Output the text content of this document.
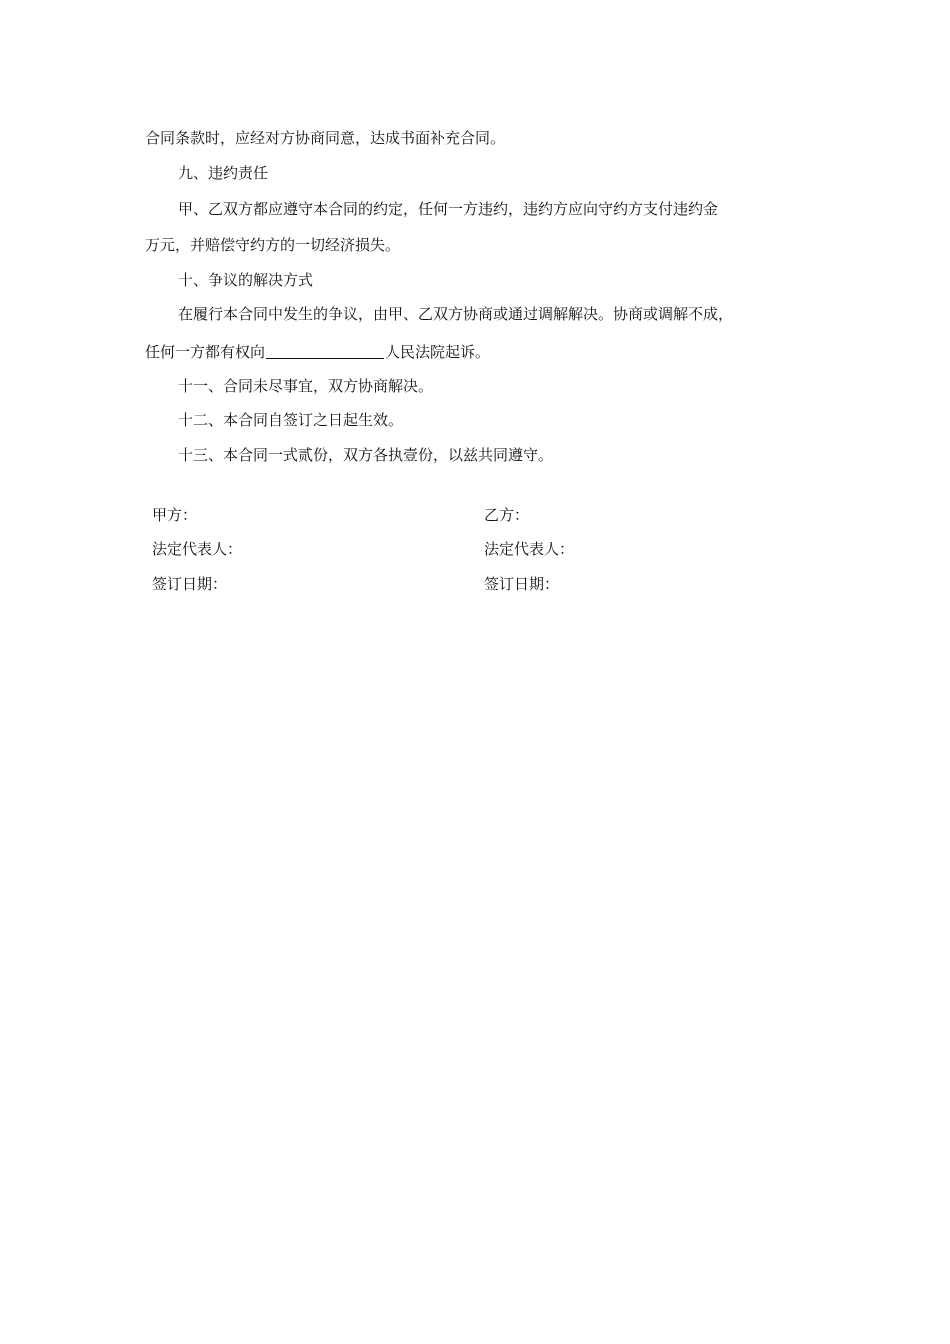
合同条款时，应经对方协商同意，达成书面补充合同。
九、违约责任
甲、乙双方都应遵守本合同的约定，任何一方违约，违约方应向守约方支付违约金
万元，并赔偿守约方的一切经济损失。
十、争议的解决方式
在履行本合同中发生的争议，由甲、乙双方协商或通过调解解决。协商或调解不成，
任何一方都有权向	人民法院起诉。
十一、合同未尽事宜，双方协商解决。
十二、本合同自签订之日起生效。
十三、本合同一式贰份，双方各执壹份，以兹共同遵守。
甲方：	乙方：
法定代表人：	法定代表人：
签订日期：	签订日期：
